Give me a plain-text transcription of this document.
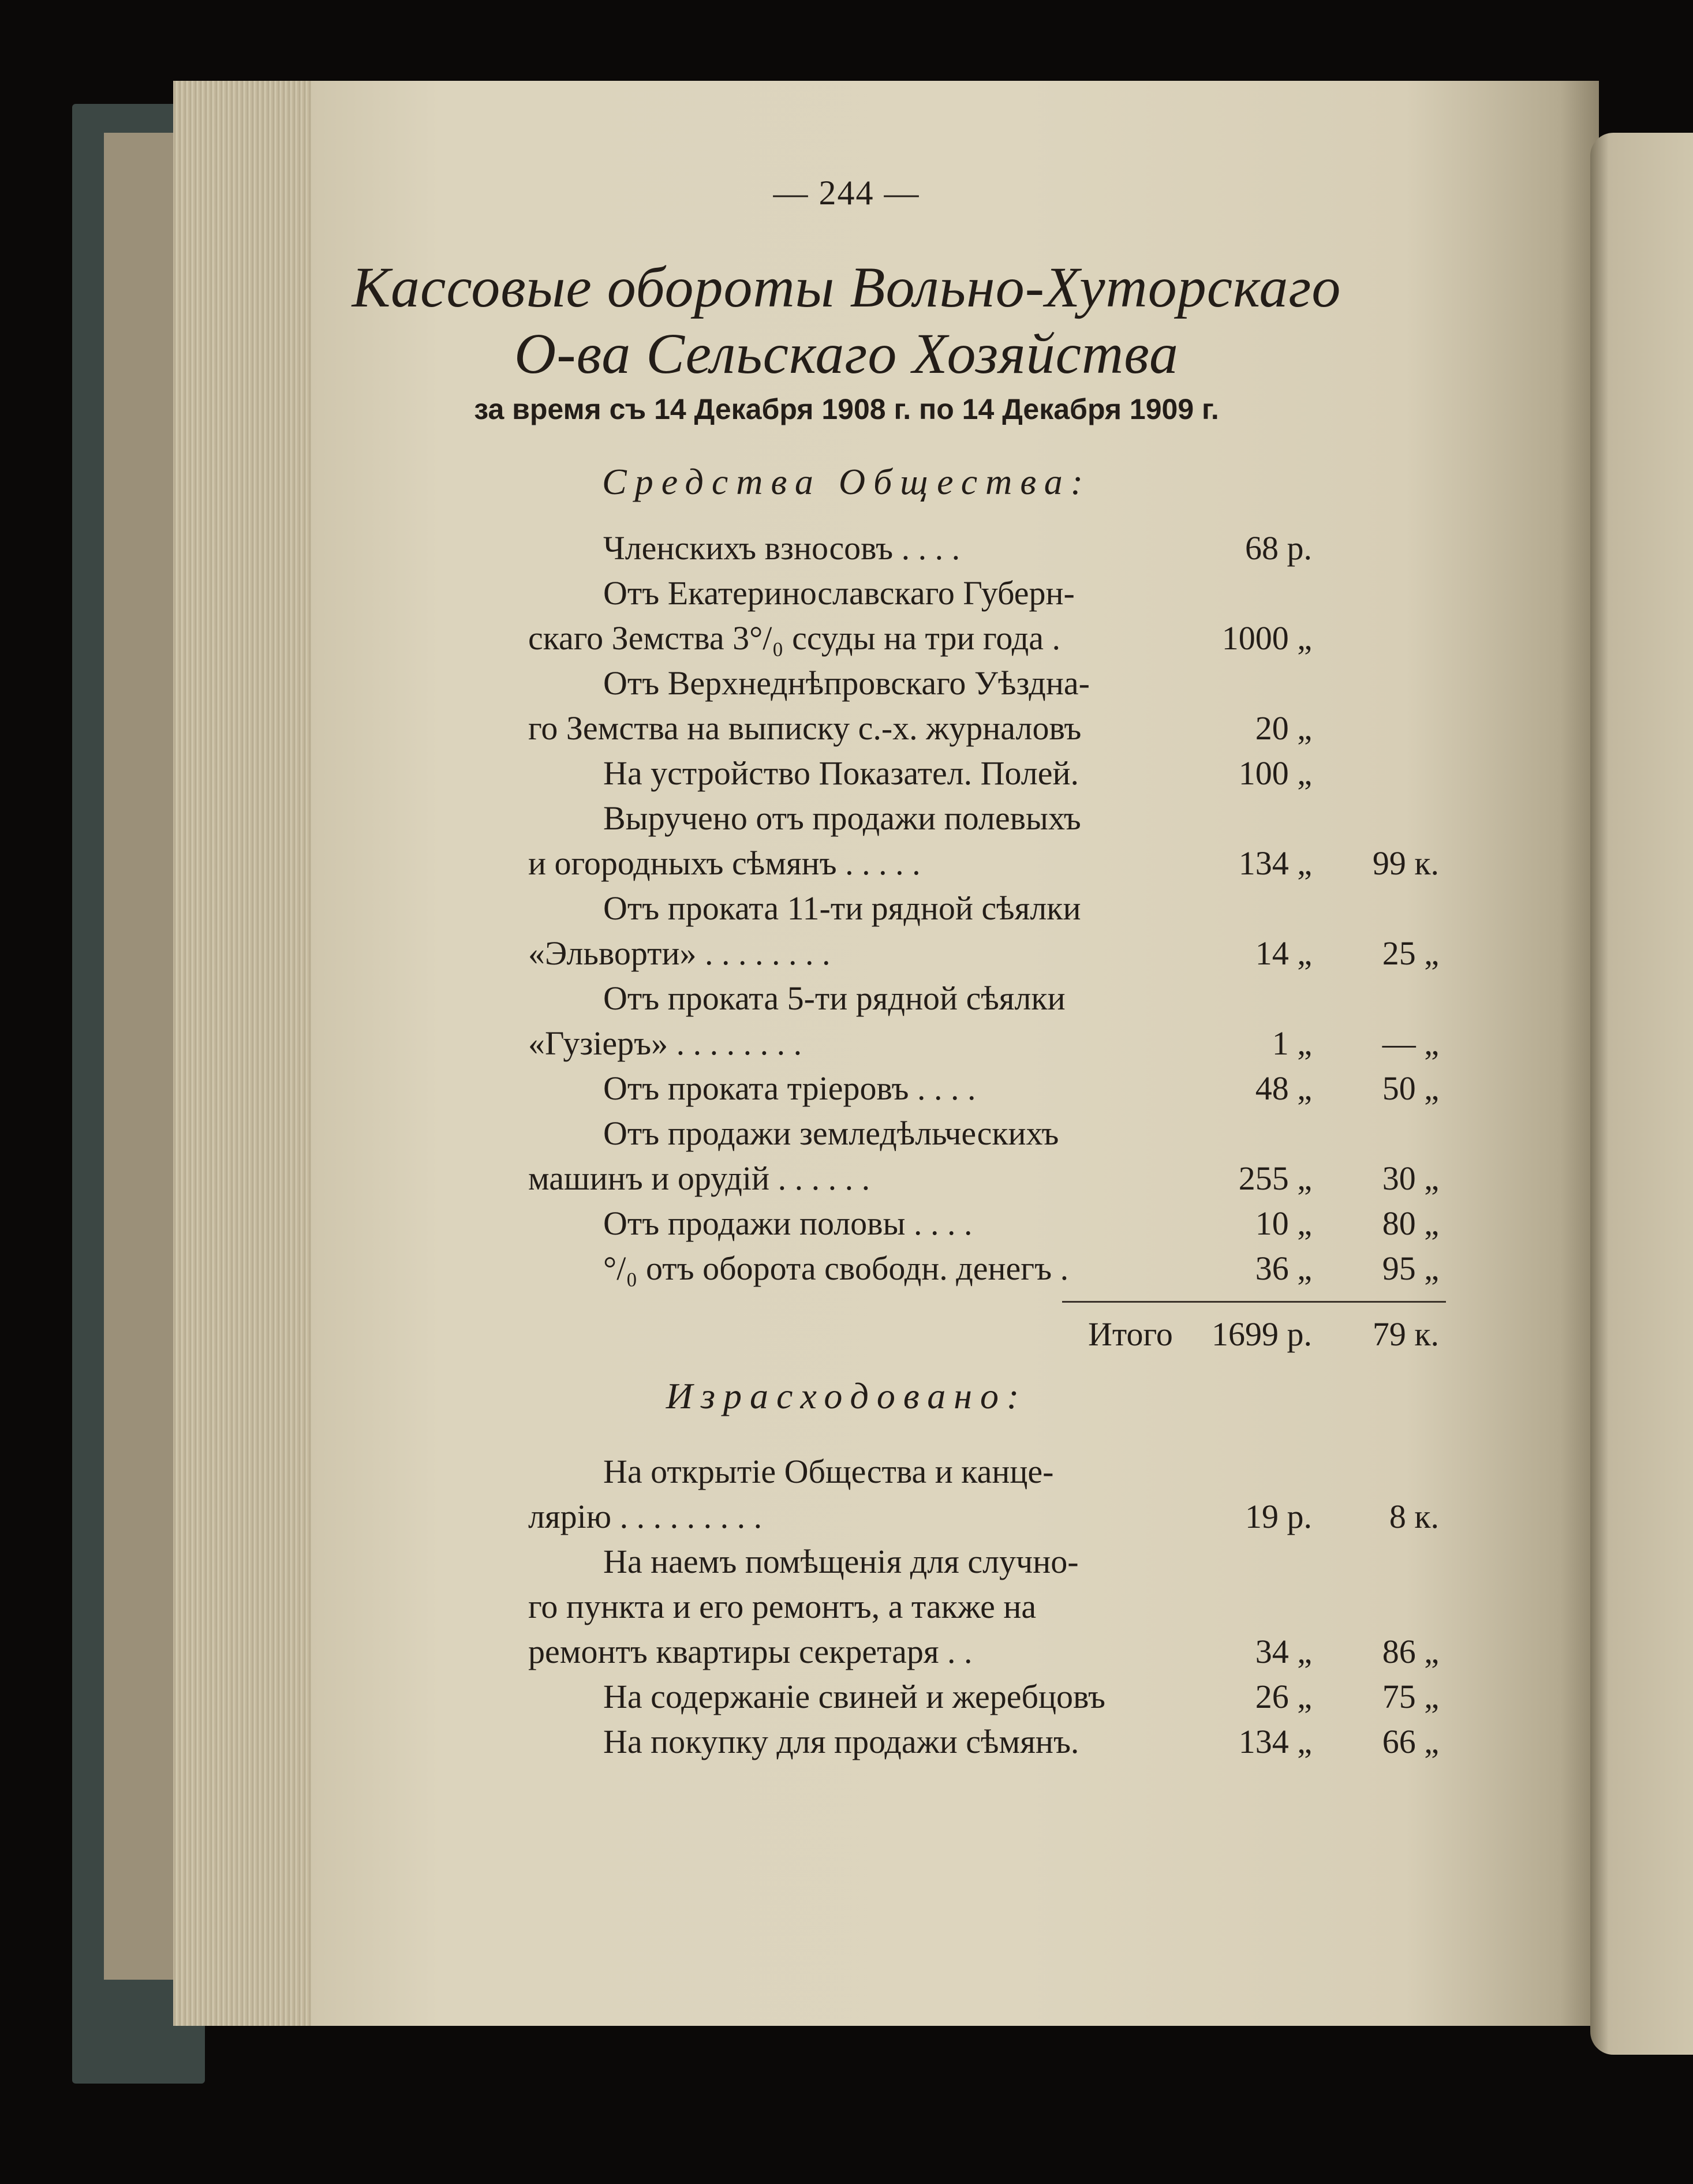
— 244 —
Кассовые обороты Вольно-Хуторскаго
О-ва Сельскаго Хозяйства
за время съ 14 Декабря 1908 г. по 14 Декабря 1909 г.
Средства Общества:
Членскихъ взносовъ . . . .
Отъ Екатеринославскаго Губерн-
скаго Земства 3°/₀ ссуды на три года .
Отъ Верхнеднѣпровскаго Уѣздна-
го Земства на выписку с.-х. журналовъ
На устройство Показател. Полей.
Выручено отъ продажи полевыхъ
и огородныхъ сѣмянъ . . . . .
Отъ проката 11-ти рядной сѣялки
«Эльворти» . . . . . . . .
Отъ проката 5-ти рядной сѣялки
«Гузіеръ» . . . . . . . .
Отъ проката тріеровъ . . . .
Отъ продажи земледѣльческихъ
машинъ и орудій . . . . . .
Отъ продажи половы . . . .
°/₀ отъ оборота свободн. денегъ .
68 р.
1000 „
20 „
100 „
134 „ 99 к.
14 „ 25 „
1 „ — „
48 „ 50 „
255 „ 30 „
10 „ 80 „
36 „ 95 „
Итого 1699 р. 79 к.
Израсходовано:
На открытіе Общества и канце-
лярію . . . . . . . . .
На наемъ помѣщенія для случно-
го пункта и его ремонтъ, а также на
ремонтъ квартиры секретаря . .
На содержаніе свиней и жеребцовъ
На покупку для продажи сѣмянъ.
19 р. 8 к.
34 „ 86 „
26 „ 75 „
134 „ 66 „
